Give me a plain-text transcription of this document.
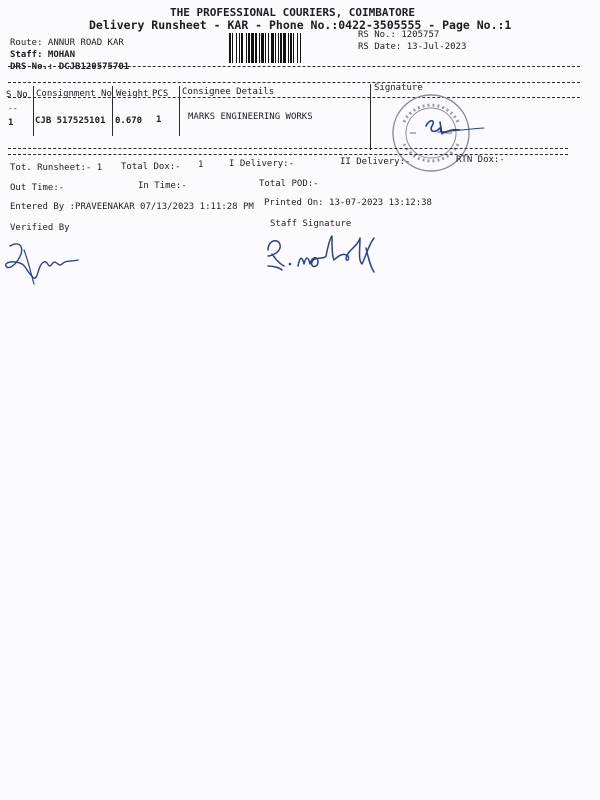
THE PROFESSIONAL COURIERS, COIMBATORE
Delivery Runsheet - KAR - Phone No.:0422-3505555 - Page No.:1
Route: ANNUR ROAD KAR
Staff: MOHAN
DRS No.: DCJB120575701
RS No.: 1205757
RS Date: 13-Jul-2023
S No Consignment No Weight PCS Consignee Details	Signature
--
1 CJB 517525101 0.670 1	MARKS ENGINEERING WORKS
Tot. Runsheet:- 1 Total Dox:- 1	I Delivery:-	II Delivery:-	RTN Dox:-
Out Time:-	In Time:-	Total POD:-
Entered By :PRAVEENAKAR 07/13/2023 1:11:28 PM Printed On: 13-07-2023 13:12:38
Verified By	Staff Signature
